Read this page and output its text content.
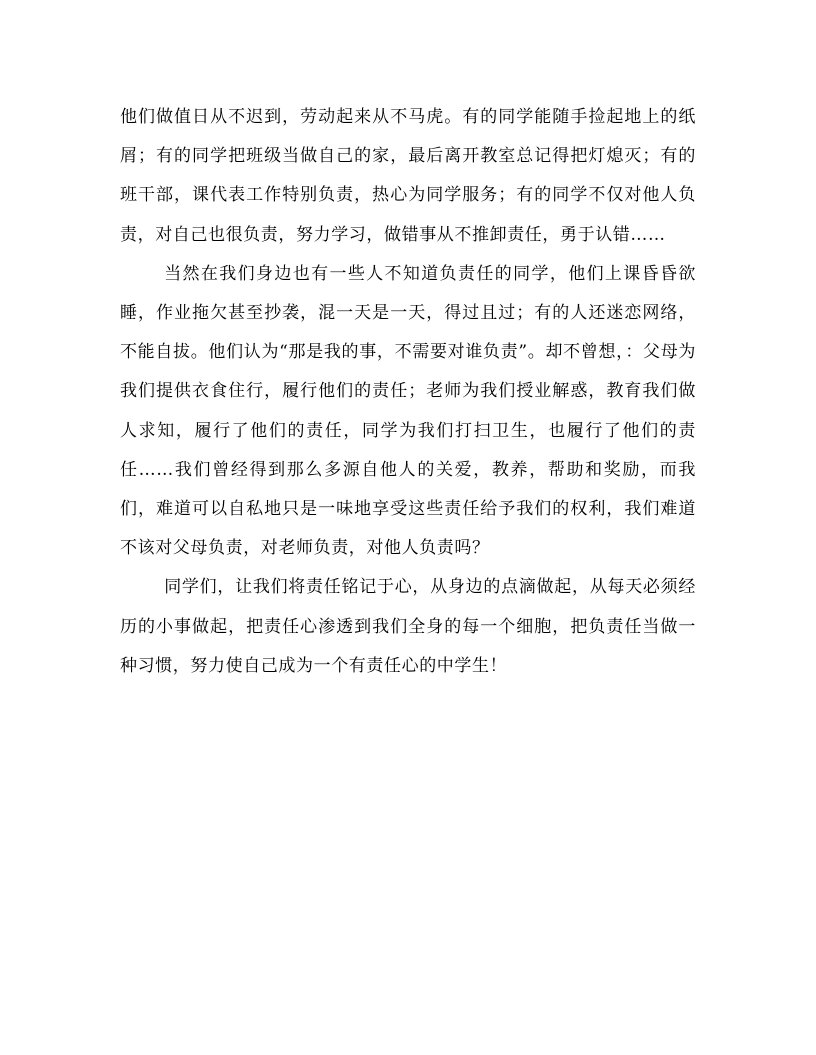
他们做值日从不迟到，劳动起来从不马虎。有的同学能随手捡起地上的纸屑；有的同学把班级当做自己的家，最后离开教室总记得把灯熄灭；有的班干部，课代表工作特别负责，热心为同学服务；有的同学不仅对他人负责，对自己也很负责，努力学习，做错事从不推卸责任，勇于认错……

当然在我们身边也有一些人不知道负责任的同学，他们上课昏昏欲睡，作业拖欠甚至抄袭，混一天是一天，得过且过；有的人还迷恋网络，不能自拔。他们认为“那是我的事，不需要对谁负责”。却不曾想，：父母为我们提供衣食住行，履行他们的责任；老师为我们授业解惑，教育我们做人求知，履行了他们的责任，同学为我们打扫卫生，也履行了他们的责任……我们曾经得到那么多源自他人的关爱，教养，帮助和奖励，而我们，难道可以自私地只是一味地享受这些责任给予我们的权利，我们难道不该对父母负责，对老师负责，对他人负责吗？

同学们，让我们将责任铭记于心，从身边的点滴做起，从每天必须经历的小事做起，把责任心渗透到我们全身的每一个细胞，把负责任当做一种习惯，努力使自己成为一个有责任心的中学生！
